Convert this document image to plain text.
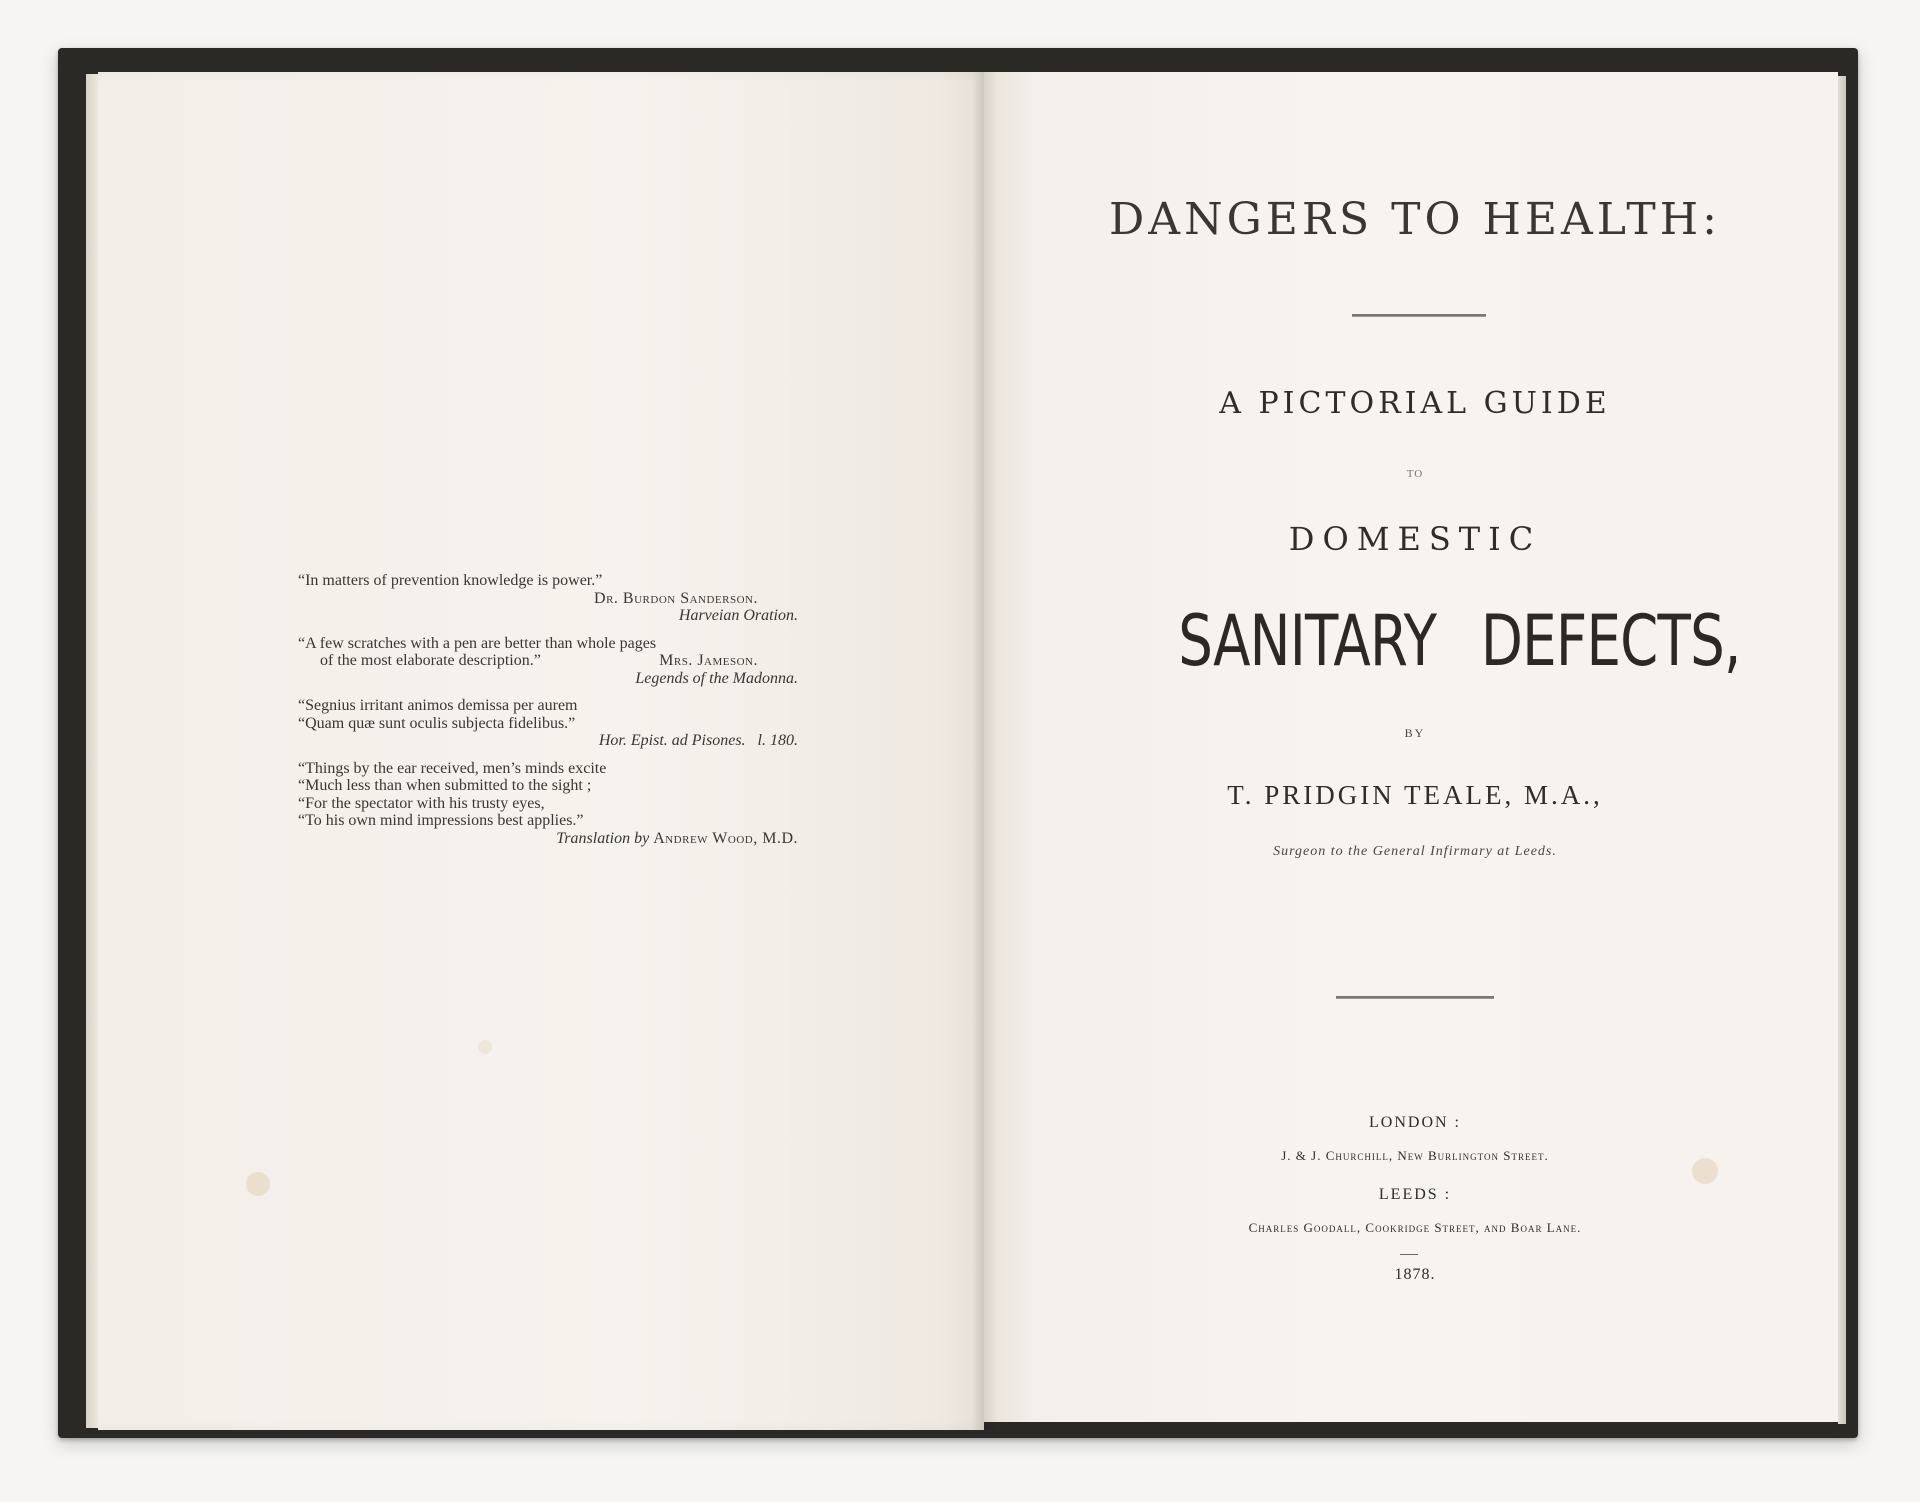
“In matters of prevention knowledge is power.”
Dr. Burdon Sanderson.
Harveian Oration.
“A few scratches with a pen are better than whole pages
of the most elaborate description.”	Mrs. Jameson.
Legends of the Madonna.
“Segnius irritant animos demissa per aurem
“Quam quæ sunt oculis subjecta fidelibus.”
Hor. Epist. ad Pisones. l. 180.
“Things by the ear received, men’s minds excite
“Much less than when submitted to the sight ;
“For the spectator with his trusty eyes,
“To his own mind impressions best applies.”
Translation by Andrew Wood, M.D.
DANGERS TO HEALTH:
A PICTORIAL GUIDE
TO
DOMESTIC
SANITARY DEFECTS,
BY
T. PRIDGIN TEALE, M.A.,
Surgeon to the General Infirmary at Leeds.
LONDON :
J. & J. Churchill, New Burlington Street.
LEEDS :
Charles Goodall, Cookridge Street, and Boar Lane.
1878.
